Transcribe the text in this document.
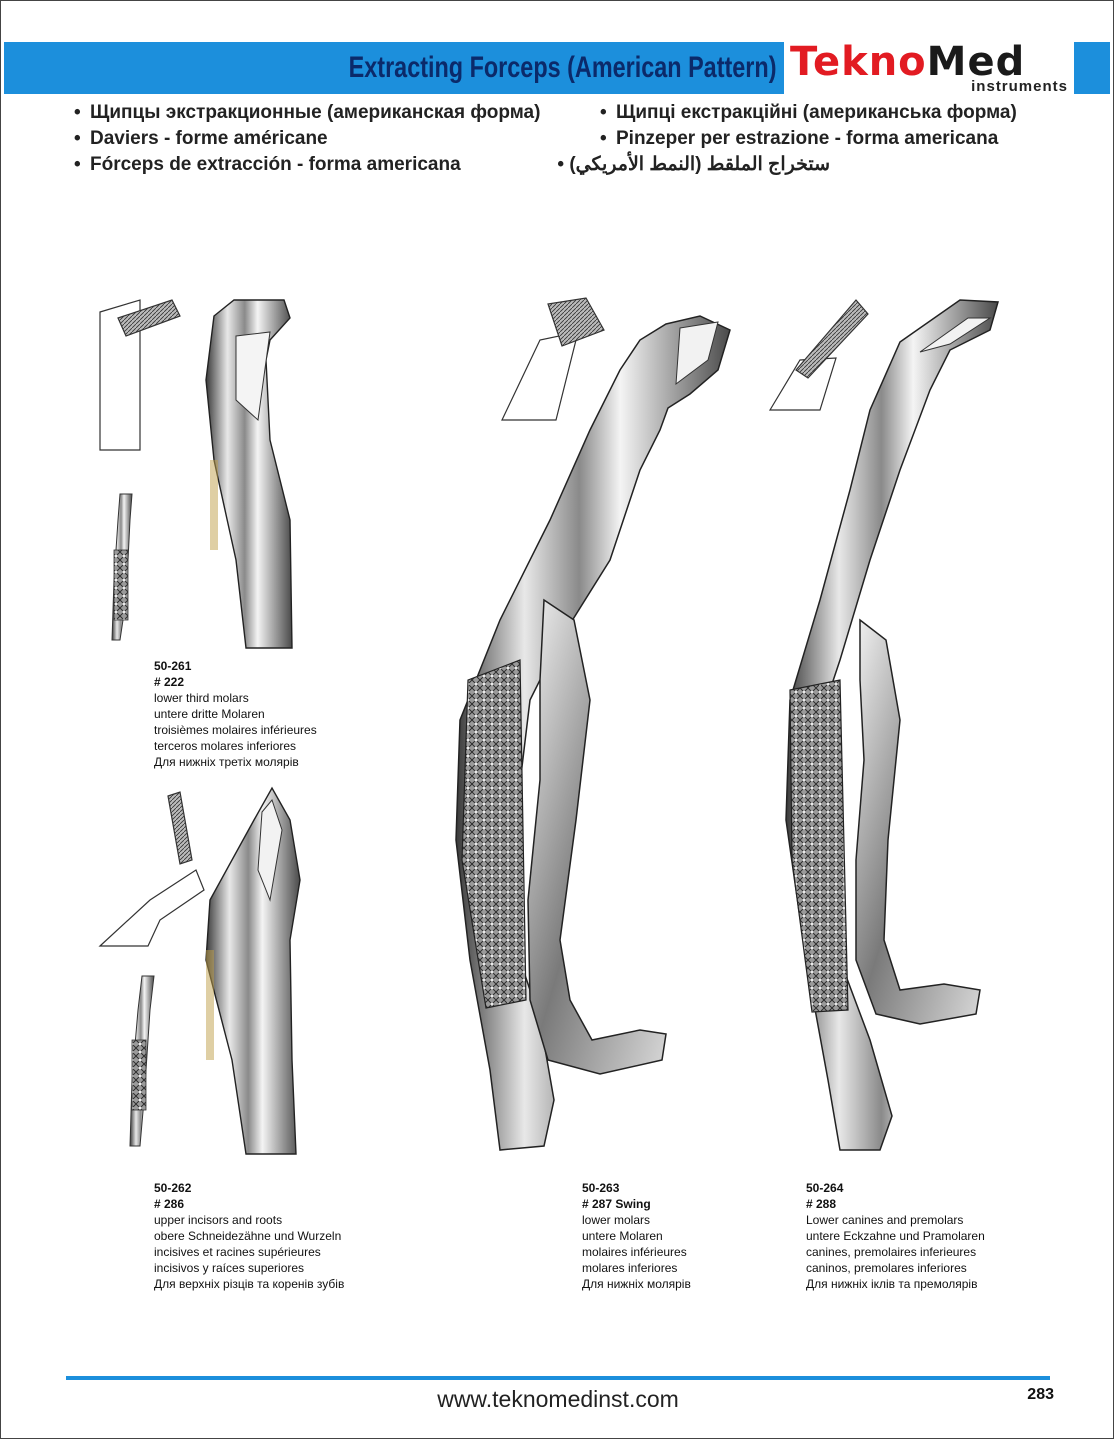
Extracting Forceps (American Pattern) TeknoMed
instruments
• Щипцы экстракционные (американская форма)
• Daviers - forme américane
• Fórceps de extracción - forma americana
• Щипці екстракційні (американська форма)
• Pinzeper per estrazione - forma americana
ستخراج الملقط (النمط الأمريكي) •
50-261
# 222
lower third molars
untere dritte Molaren
troisièmes molaires inférieures
terceros molares inferiores
Для нижніх третіх молярів
50-262
# 286
upper incisors and roots
obere Schneidezähne und Wurzeln
incisives et racines supérieures
incisivos y raíces superiores
Для верхніх різців та коренів зубів
50-263
# 287 Swing
lower molars
untere Molaren
molaires inférieures
molares inferiores
Для нижніх молярів
50-264
# 288
Lower canines and premolars
untere Eckzahne und Pramolaren
canines, premolaires inferieures
caninos, premolares inferiores
Для нижніх іклів та премолярів
www.teknomedinst.com	283
